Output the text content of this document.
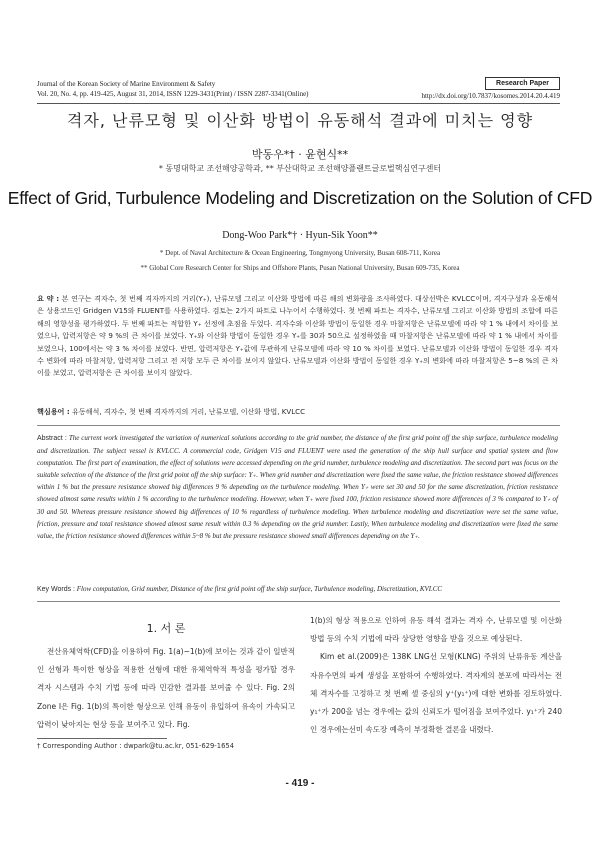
Journal of the Korean Society of Marine Environment & Safety
Vol. 20, No. 4, pp. 419-425, August 31, 2014, ISSN 1229-3431(Print) / ISSN 2287-3341(Online)
Research Paper
http://dx.doi.org/10.7837/kosomes.2014.20.4.419
격자, 난류모형 및 이산화 방법이 유동해석 결과에 미치는 영향
박동우*† · 윤현식**
* 동명대학교 조선해양공학과, ** 부산대학교 조선해양플랜트글로벌핵심연구센터
Effect of Grid, Turbulence Modeling and Discretization on the Solution of CFD
Dong-Woo Park*† · Hyun-Sik Yoon**
* Dept. of Naval Architecture & Ocean Engineering, Tongmyong University, Busan 608-711, Korea
** Global Core Research Center for Ships and Offshore Plants, Pusan National University, Busan 609-735, Korea
요 약 : 본 연구는 격자수, 첫 번째 격자까지의 거리(Y₊), 난류모델 그리고 이산화 방법에 따른 해의 변화량을 조사하였다. 대상선박은 KVLCC이며, 격자구성과 유동해석은 상용코드인 Gridgen V15와 FLUENT를 사용하였다. 검토는 2가지 파트로 나누어서 수행하였다. 첫 번째 파트는 격자수, 난류모델 그리고 이산화 방법의 조합에 따른 해의 영향성을 평가하였다. 두 번째 파트는 적합한 Y₊ 선정에 초점을 두었다. 격자수와 이산화 방법이 동일한 경우 마찰저항은 난류모델에 따라 약 1 % 내에서 차이를 보였으나, 압력저항은 약 9 %의 큰 차이를 보였다. Y₊와 이산화 방법이 동일한 경우 Y₊를 30과 50으로 설정하였을 때 마찰저항은 난류모델에 따라 약 1 % 내에서 차이를 보였으나, 100에서는 약 3 % 차이를 보였다. 반면, 압력저항은 Y₊값에 무관하게 난류모델에 따라 약 10 % 차이를 보였다. 난류모델과 이산화 방법이 동일한 경우 격자 수 변화에 따라 마찰저항, 압력저항 그리고 전 저항 모두 큰 차이를 보이지 않았다. 난류모델과 이산화 방법이 동일한 경우 Y₊의 변화에 따라 마찰저항은 5~8 %의 큰 차이를 보였고, 압력저항은 큰 차이를 보이지 않았다.
핵심용어 : 유동해석, 격자수, 첫 번째 격자까지의 거리, 난류모델, 이산화 방법, KVLCC
Abstract : The current work investigated the variation of numerical solutions according to the grid number, the distance of the first grid point off the ship surface, turbulence modeling and discretization. The subject vessel is KVLCC. A commercial code, Gridgen V15 and FLUENT were used the generation of the ship hull surface and spatial system and flow computation. The first part of examination, the effect of solutions were accessed depending on the grid number, turbulence modeling and discretization. The second part was focus on the suitable selection of the distance of the first grid point off the ship surface: Y₊. When grid number and discretization were fixed the same value, the friction resistance showed differences within 1 % but the pressure resistance showed big differences 9 % depending on the turbulence modeling. When Y₊ were set 30 and 50 for the same discretization, friction resistance showed almost same results within 1 % according to the turbulence modeling. However, when Y₊ were fixed 100, friction resistance showed more differences of 3 % compared to Y₊ of 30 and 50. Whereas pressure resistance showed big differences of 10 % regardless of turbulence modeling. When turbulence modeling and discretization were set the same value, friction, pressure and total resistance showed almost same result within 0.3 % depending on the grid number. Lastly, When turbulence modeling and discretization were fixed the same value, the friction resistance showed differences within 5~8 % but the pressure resistance showed small differences depending on the Y₊.
Key Words : Flow computation, Grid number, Distance of the first grid point off the ship surface, Turbulence modeling, Discretization, KVLCC
1. 서 론

전산유체역학(CFD)을 이용하여 Fig. 1(a)~1(b)에 보이는 것과 같이 일반적인 선형과 특이한 형상을 적용한 선형에 대한 유체역학적 특성을 평가할 경우 격자 시스템과 수치 기법 등에 따라 민감한 결과를 보여줄 수 있다. Fig. 2의 Zone I은 Fig. 1(b)의 특이한 형상으로 인해 유동이 유입하여 유속이 가속되고 압력이 낮아지는 현상 등을 보여주고 있다. Fig.

1(b)의 형상 적용으로 인하여 유동 해석 결과는 격자 수, 난류모델 및 이산화 방법 등의 수치 기법에 따라 상당한 영향을 받을 것으로 예상된다.

Kim et al.(2009)은 138K LNG선 모형(KLNG) 주위의 난류유동 계산을 자유수면의 파계 생성을 포함하여 수행하였다. 격자계의 분포에 따라서는 전체 격자수를 고정하고 첫 번째 셀 중심의 y⁺(y₁⁺)에 대한 변화를 검토하였다. y₁⁺가 200을 넘는 경우에는 값의 신뢰도가 떨어짐을 보여주었다. y₁⁺가 240인 경우에는선미 속도장 예측이 부정확한 결론을 내렸다.

† Corresponding Author : dwpark@tu.ac.kr, 051-629-1654
- 419 -
